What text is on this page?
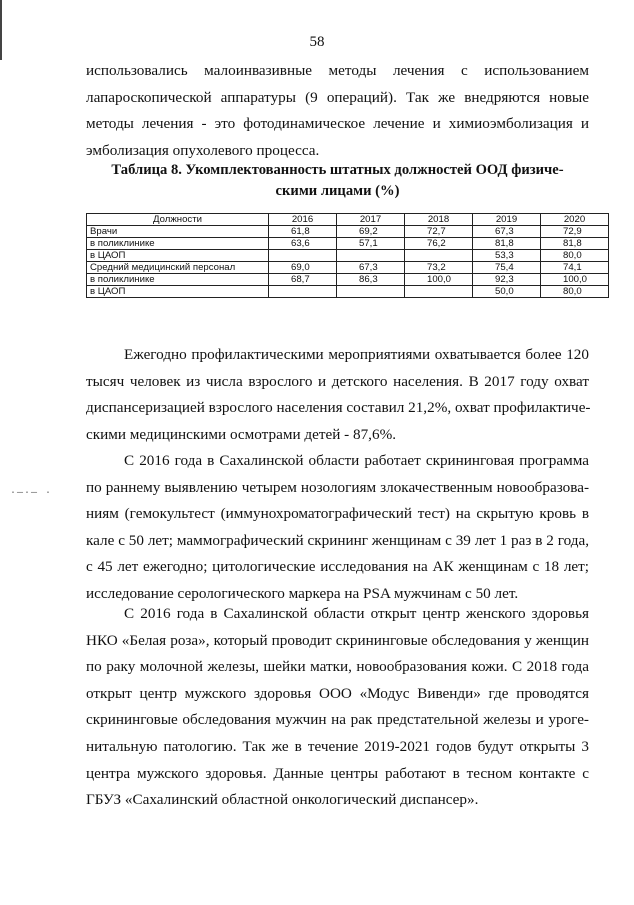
·—·— ·
58

использовались малоинвазивные методы лечения с использованием
лапароскопической аппаратуры (9 операций). Так же внедряются новые
методы лечения - это фотодинамическое лечение и химиоэмболизация и
эмболизация опухолевого процесса.

Таблица 8. Укомплектованность штатных должностей ООД физиче-
скими лицами (%)
Должности	2016	2017	2018	2019	2020
Врачи	61,8	69,2	72,7	67,3	72,9
в поликлинике	63,6	57,1	76,2	81,8	81,8
в ЦАОП				53,3	80,0
Средний медицинский персонал	69,0	67,3	73,2	75,4	74,1
в поликлинике	68,7	86,3	100,0	92,3	100,0
в ЦАОП				50,0	80,0

Ежегодно профилактическими мероприятиями охватывается более 120
тысяч человек из числа взрослого и детского населения. В 2017 году охват
диспансеризацией взрослого населения составил 21,2%, охват профилактиче-
скими медицинскими осмотрами детей - 87,6%.

С 2016 года в Сахалинской области работает скрининговая программа
по раннему выявлению четырем нозологиям злокачественным новообразова-
ниям (гемокультест (иммунохроматографический тест) на скрытую кровь в
кале с 50 лет; маммографический скрининг женщинам с 39 лет 1 раз в 2 года,
с 45 лет ежегодно; цитологические исследования на АК женщинам с 18 лет;
исследование серологического маркера на PSA мужчинам с 50 лет.

С 2016 года в Сахалинской области открыт центр женского здоровья
НКО «Белая роза», который проводит скрининговые обследования у женщин
по раку молочной железы, шейки матки, новообразования кожи. С 2018 года
открыт центр мужского здоровья ООО «Модус Вивенди» где проводятся
скрининговые обследования мужчин на рак предстательной железы и уроге-
нитальную патологию. Так же в течение 2019-2021 годов будут открыты 3
центра мужского здоровья. Данные центры работают в тесном контакте с
ГБУЗ «Сахалинский областной онкологический диспансер».
